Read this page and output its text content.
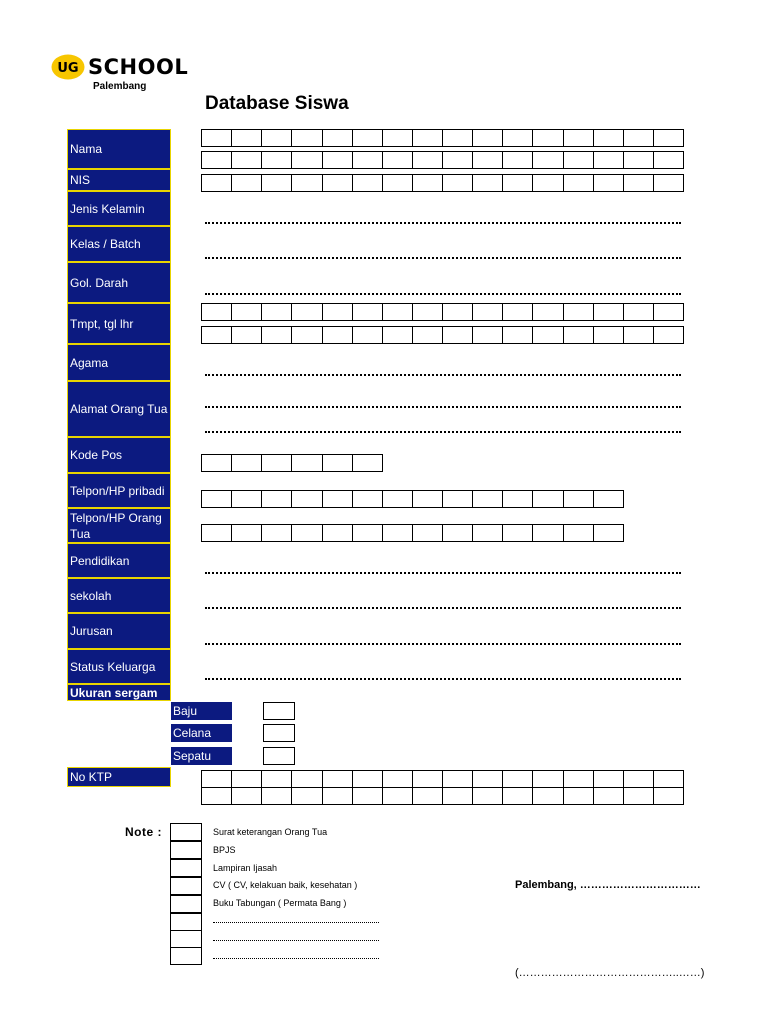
UG SCHOOL
Palembang
Database Siswa
Nama
NIS
Jenis Kelamin
Kelas / Batch
Gol. Darah
Tmpt, tgl lhr
Agama
Alamat Orang Tua
Kode Pos
Telpon/HP pribadi
Telpon/HP Orang Tua
Pendidikan
sekolah
Jurusan
Status Keluarga
Ukuran sergam
No KTP
Baju
Celana
Sepatu
Note :	Surat keterangan Orang Tua
BPJS
Lampiran Ijasah
CV ( CV, kelakuan baik, kesehatan )
Buku Tabungan ( Permata Bang )
Palembang, ……………………………
(……………………………………..……)
